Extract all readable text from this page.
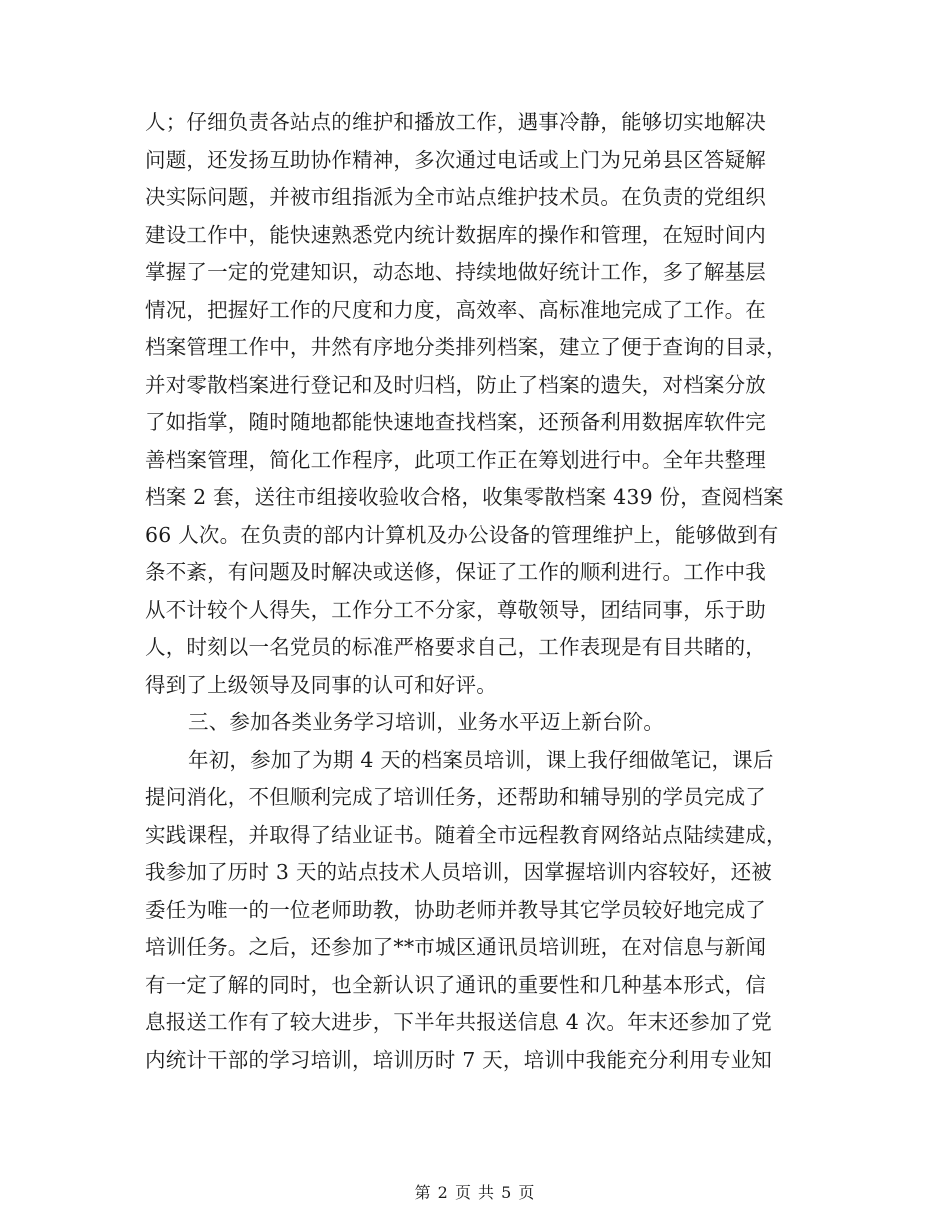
人；仔细负责各站点的维护和播放工作，遇事冷静，能够切实地解决
问题，还发扬互助协作精神，多次通过电话或上门为兄弟县区答疑解
决实际问题，并被市组指派为全市站点维护技术员。在负责的党组织
建设工作中，能快速熟悉党内统计数据库的操作和管理，在短时间内
掌握了一定的党建知识，动态地、持续地做好统计工作，多了解基层
情况，把握好工作的尺度和力度，高效率、高标准地完成了工作。在
档案管理工作中，井然有序地分类排列档案，建立了便于查询的目录，
并对零散档案进行登记和及时归档，防止了档案的遗失，对档案分放
了如指掌，随时随地都能快速地查找档案，还预备利用数据库软件完
善档案管理，简化工作程序，此项工作正在筹划进行中。全年共整理
档案 2 套，送往市组接收验收合格，收集零散档案 439 份，查阅档案
66 人次。在负责的部内计算机及办公设备的管理维护上，能够做到有
条不紊，有问题及时解决或送修，保证了工作的顺利进行。工作中我
从不计较个人得失，工作分工不分家，尊敬领导，团结同事，乐于助
人，时刻以一名党员的标准严格要求自己，工作表现是有目共睹的，
得到了上级领导及同事的认可和好评。
三、参加各类业务学习培训，业务水平迈上新台阶。
年初，参加了为期 4 天的档案员培训，课上我仔细做笔记，课后
提问消化，不但顺利完成了培训任务，还帮助和辅导别的学员完成了
实践课程，并取得了结业证书。随着全市远程教育网络站点陆续建成，
我参加了历时 3 天的站点技术人员培训，因掌握培训内容较好，还被
委任为唯一的一位老师助教，协助老师并教导其它学员较好地完成了
培训任务。之后，还参加了**市城区通讯员培训班，在对信息与新闻
有一定了解的同时，也全新认识了通讯的重要性和几种基本形式，信
息报送工作有了较大进步，下半年共报送信息 4 次。年末还参加了党
内统计干部的学习培训，培训历时 7 天，培训中我能充分利用专业知
第 2 页 共 5 页
